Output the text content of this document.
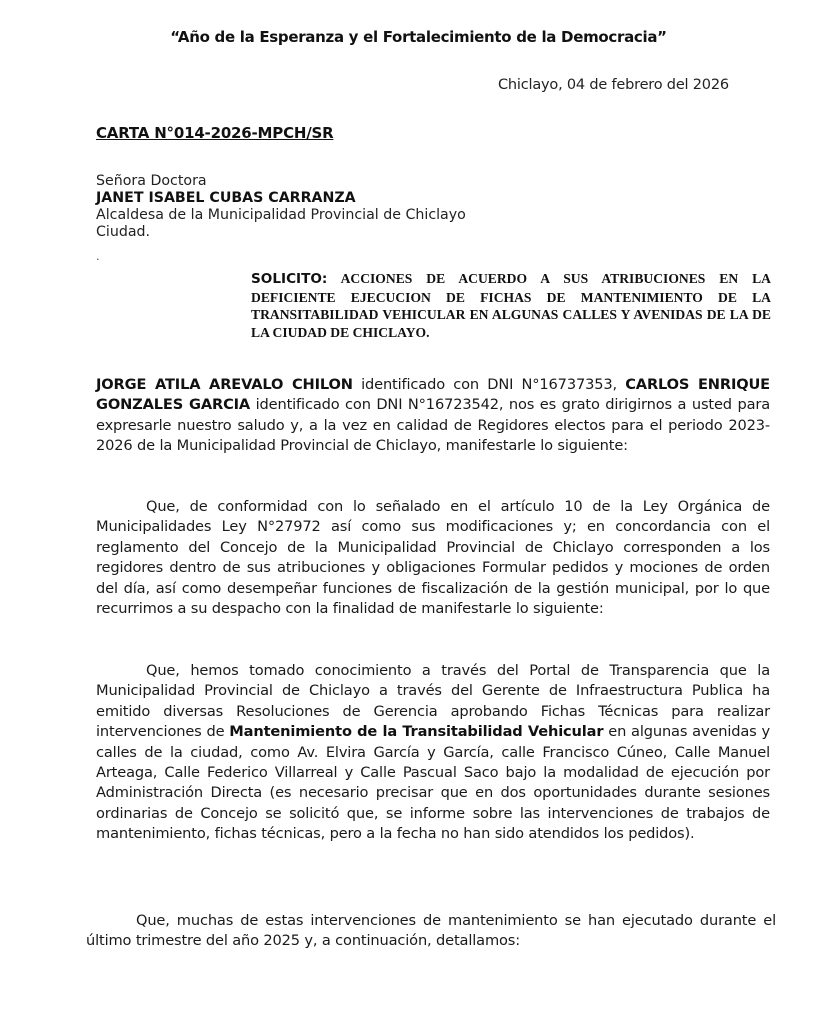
“Año de la Esperanza y el Fortalecimiento de la Democracia”
Chiclayo, 04 de febrero del 2026
CARTA N°014-2026-MPCH/SR
Señora Doctora
JANET ISABEL CUBAS CARRANZA
Alcaldesa de la Municipalidad Provincial de Chiclayo
Ciudad.
.
SOLICITO: ACCIONES DE ACUERDO A SUS ATRIBUCIONES EN LA DEFICIENTE EJECUCION DE FICHAS DE MANTENIMIENTO DE LA TRANSITABILIDAD VEHICULAR EN ALGUNAS CALLES Y AVENIDAS DE LA DE LA CIUDAD DE CHICLAYO.
JORGE ATILA AREVALO CHILON identificado con DNI N°16737353, CARLOS ENRIQUE GONZALES GARCIA identificado con DNI N°16723542, nos es grato dirigirnos a usted para expresarle nuestro saludo y, a la vez en calidad de Regidores electos para el periodo 2023-2026 de la Municipalidad Provincial de Chiclayo, manifestarle lo siguiente:
Que, de conformidad con lo señalado en el artículo 10 de la Ley Orgánica de Municipalidades Ley N°27972 así como sus modificaciones y; en concordancia con el reglamento del Concejo de la Municipalidad Provincial de Chiclayo corresponden a los regidores dentro de sus atribuciones y obligaciones Formular pedidos y mociones de orden del día, así como desempeñar funciones de fiscalización de la gestión municipal, por lo que recurrimos a su despacho con la finalidad de manifestarle lo siguiente:
Que, hemos tomado conocimiento a través del Portal de Transparencia que la Municipalidad Provincial de Chiclayo a través del Gerente de Infraestructura Publica ha emitido diversas Resoluciones de Gerencia aprobando Fichas Técnicas para realizar intervenciones de Mantenimiento de la Transitabilidad Vehicular en algunas avenidas y calles de la ciudad, como Av. Elvira García y García, calle Francisco Cúneo, Calle Manuel Arteaga, Calle Federico Villarreal y Calle Pascual Saco bajo la modalidad de ejecución por Administración Directa (es necesario precisar que en dos oportunidades durante sesiones ordinarias de Concejo se solicitó que, se informe sobre las intervenciones de trabajos de mantenimiento, fichas técnicas, pero a la fecha no han sido atendidos los pedidos).
Que, muchas de estas intervenciones de mantenimiento se han ejecutado durante el último trimestre del año 2025 y, a continuación, detallamos:
